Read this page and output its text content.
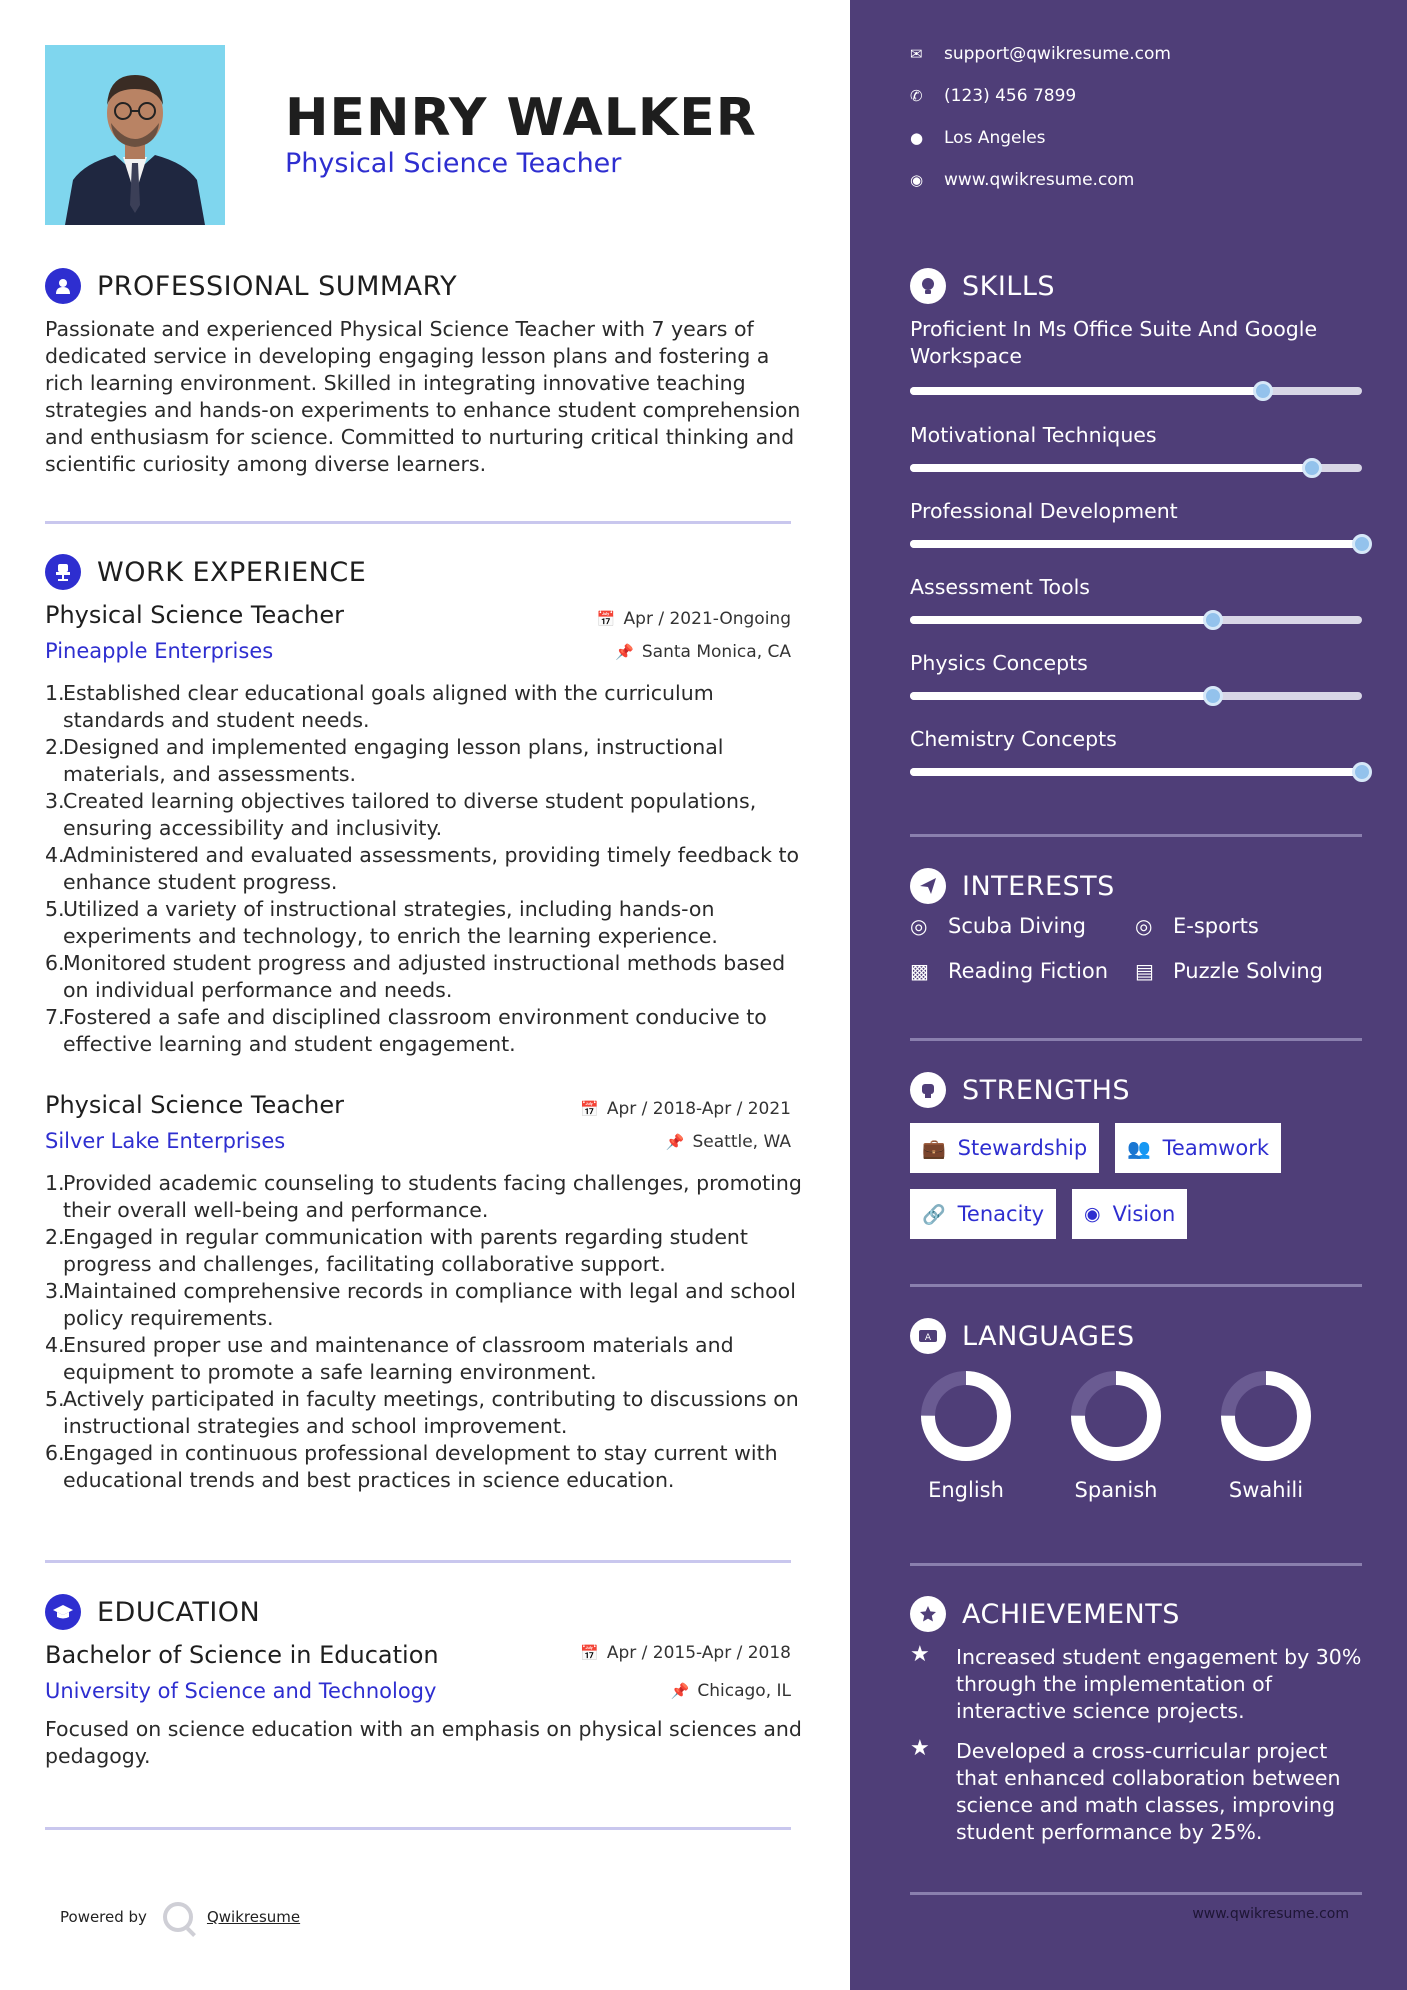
HENRY WALKER
Physical Science Teacher
PROFESSIONAL SUMMARY
Passionate and experienced Physical Science Teacher with 7 years of dedicated service in developing engaging lesson plans and fostering a rich learning environment. Skilled in integrating innovative teaching strategies and hands-on experiments to enhance student comprehension and enthusiasm for science. Committed to nurturing critical thinking and scientific curiosity among diverse learners.
WORK EXPERIENCE
Physical Science Teacher
Pineapple Enterprises
📅 Apr / 2021-Ongoing
📌 Santa Monica, CA
1.
Established clear educational goals aligned with the curriculum standards and student needs.
2.
Designed and implemented engaging lesson plans, instructional materials, and assessments.
3.
Created learning objectives tailored to diverse student populations, ensuring accessibility and inclusivity.
4.
Administered and evaluated assessments, providing timely feedback to enhance student progress.
5.
Utilized a variety of instructional strategies, including hands-on experiments and technology, to enrich the learning experience.
6.
Monitored student progress and adjusted instructional methods based on individual performance and needs.
7.
Fostered a safe and disciplined classroom environment conducive to effective learning and student engagement.
Physical Science Teacher
Silver Lake Enterprises
📅 Apr / 2018-Apr / 2021
📌 Seattle, WA
1.
Provided academic counseling to students facing challenges, promoting their overall well-being and performance.
2.
Engaged in regular communication with parents regarding student progress and challenges, facilitating collaborative support.
3.
Maintained comprehensive records in compliance with legal and school policy requirements.
4.
Ensured proper use and maintenance of classroom materials and equipment to promote a safe learning environment.
5.
Actively participated in faculty meetings, contributing to discussions on instructional strategies and school improvement.
6.
Engaged in continuous professional development to stay current with educational trends and best practices in science education.
EDUCATION
Bachelor of Science in Education
University of Science and Technology
📅 Apr / 2015-Apr / 2018
📌 Chicago, IL
Focused on science education with an emphasis on physical sciences and pedagogy.
Powered by	Qwikresume
✉	support@qwikresume.com
✆	(123) 456 7899
●	Los Angeles
◉	www.qwikresume.com
SKILLS
Proficient In Ms Office Suite And Google Workspace
Motivational Techniques
Professional Development
Assessment Tools
Physics Concepts
Chemistry Concepts
INTERESTS
◎ Scuba Diving ◎ E-sports
▩ Reading Fiction ▤ Puzzle Solving
STRENGTHS
💼 Stewardship 👥 Teamwork
🔗 Tenacity ◉ Vision
A LANGUAGES
English	Spanish	Swahili
ACHIEVEMENTS
★	Increased student engagement by 30% through the implementation of interactive science projects.
★	Developed a cross-curricular project that enhanced collaboration between science and math classes, improving student performance by 25%.
www.qwikresume.com
